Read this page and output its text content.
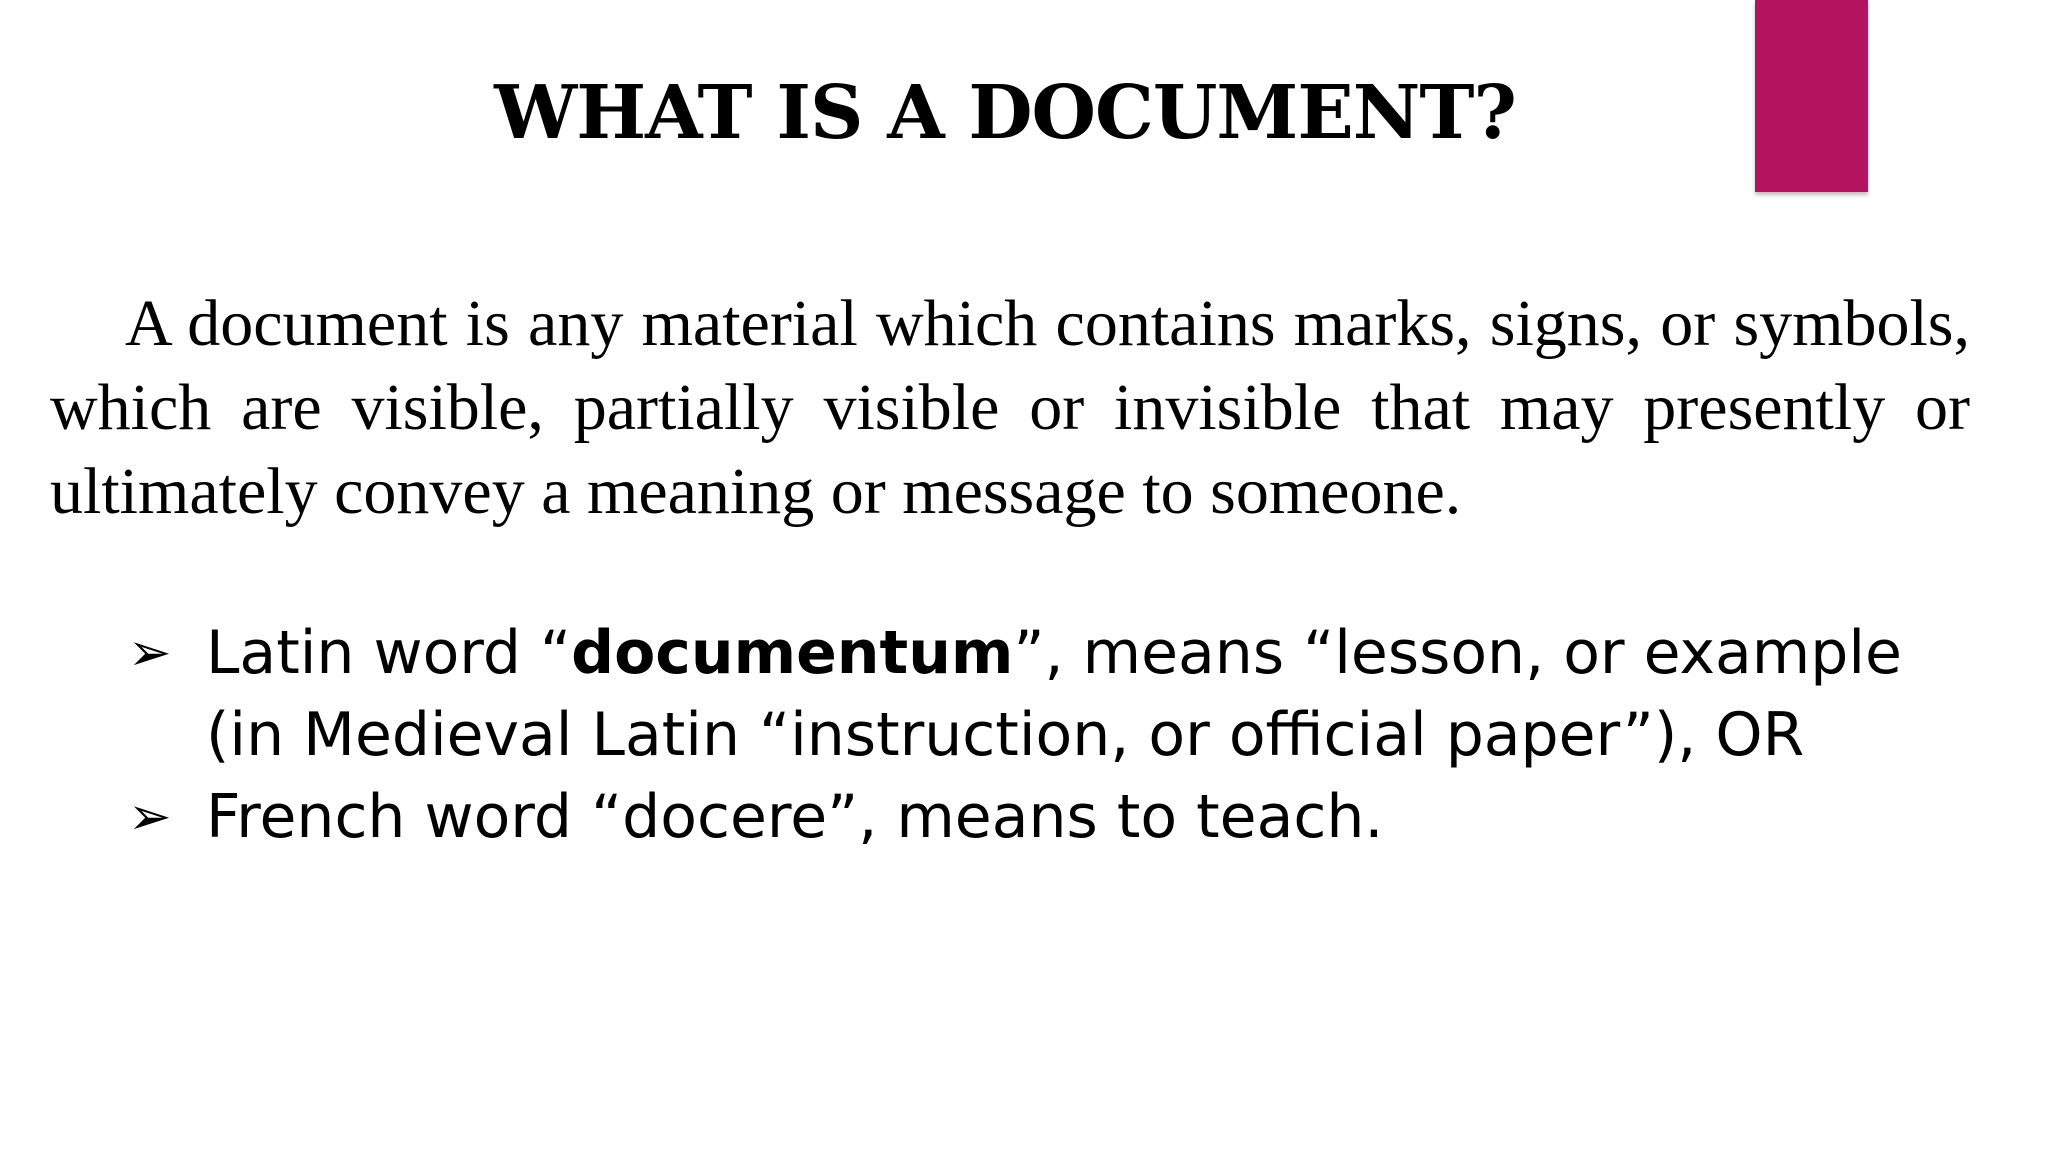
WHAT IS A DOCUMENT?

A document is any material which contains marks, signs, or symbols, which are visible, partially visible or invisible that may presently or ultimately convey a meaning or message to someone.

➢ Latin word “documentum”, means “lesson, or example (in Medieval Latin “instruction, or official paper”), OR
➢ French word “docere”, means to teach.
